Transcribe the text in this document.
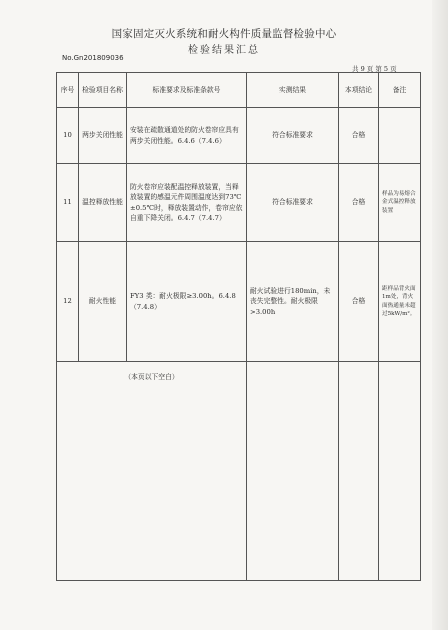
国家固定灭火系统和耐火构件质量监督检验中心
检验结果汇总
No.Gn201809036
共 9 页 第 5 页
序号	检验项目名称	标准要求及标准条款号	实测结果	本项结论	备注
10	两步关闭性能	安装在疏散通道处的防火卷帘应具有两步关闭性能。6.4.6（7.4.6）	符合标准要求	合格	
11	温控释放性能	防火卷帘应装配温控释放装置，当释放装置的感温元件周围温度达到73℃±0.5℃时，释放装置动作，卷帘应依自重下降关闭。6.4.7（7.4.7）	符合标准要求	合格	样品为易熔合金式温控释放装置
12	耐火性能	FY3 类：耐火极限≥3.00h。6.4.8（7.4.8）	耐火试验进行180min，未丧失完整性。耐火极限>3.00h	合格	距样品背火面1m处，背火面热通量未超过5kW/m²。
（本页以下空白）					
